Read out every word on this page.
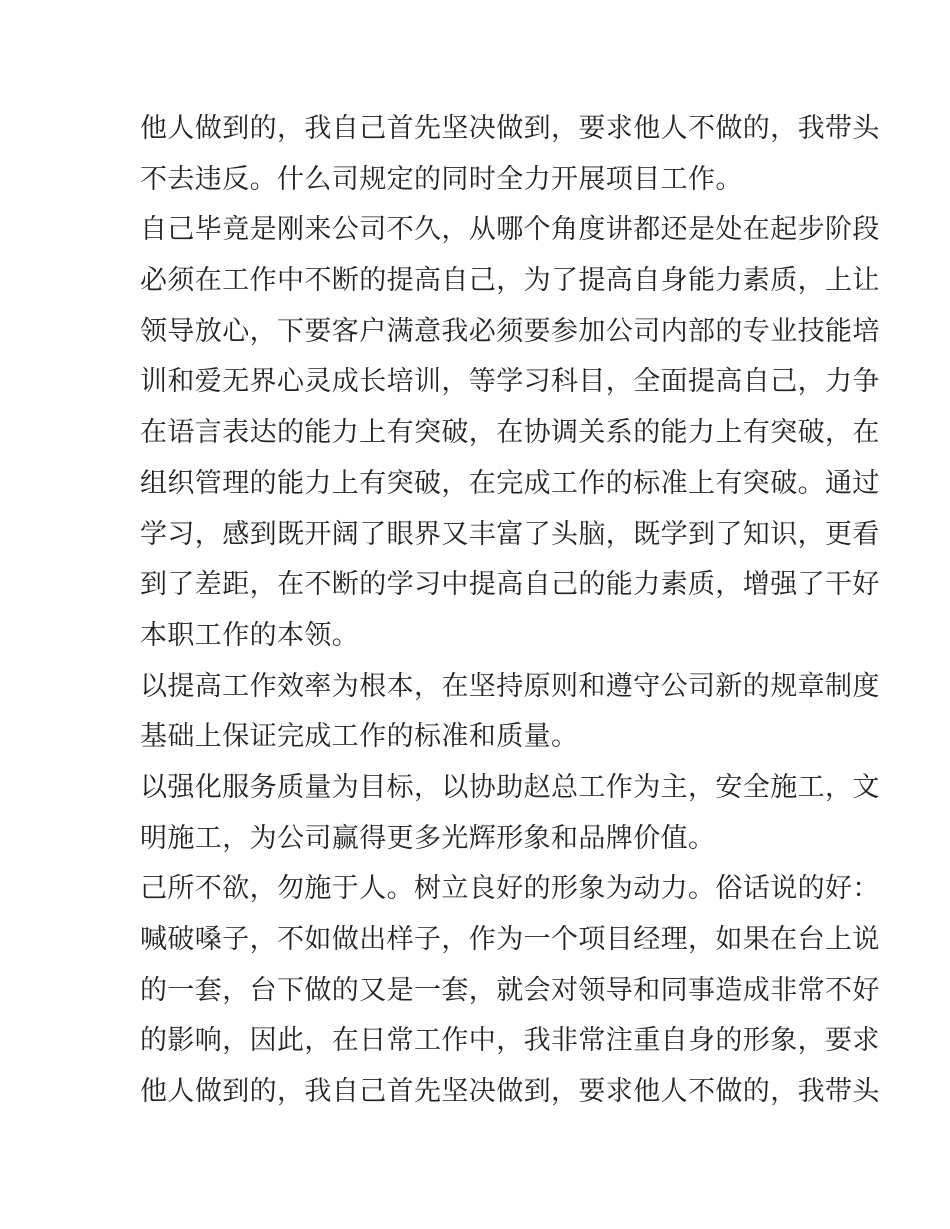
他人做到的，我自己首先坚决做到，要求他人不做的，我带头
不去违反。什么司规定的同时全力开展项目工作。
自己毕竟是刚来公司不久，从哪个角度讲都还是处在起步阶段
必须在工作中不断的提高自己，为了提高自身能力素质，上让
领导放心，下要客户满意我必须要参加公司内部的专业技能培
训和爱无界心灵成长培训，等学习科目，全面提高自己，力争
在语言表达的能力上有突破，在协调关系的能力上有突破，在
组织管理的能力上有突破，在完成工作的标准上有突破。通过
学习，感到既开阔了眼界又丰富了头脑，既学到了知识，更看
到了差距，在不断的学习中提高自己的能力素质，增强了干好
本职工作的本领。
以提高工作效率为根本，在坚持原则和遵守公司新的规章制度
基础上保证完成工作的标准和质量。
以强化服务质量为目标，以协助赵总工作为主，安全施工，文
明施工，为公司赢得更多光辉形象和品牌价值。
己所不欲，勿施于人。树立良好的形象为动力。俗话说的好：
喊破嗓子，不如做出样子，作为一个项目经理，如果在台上说
的一套，台下做的又是一套，就会对领导和同事造成非常不好
的影响，因此，在日常工作中，我非常注重自身的形象，要求
他人做到的，我自己首先坚决做到，要求他人不做的，我带头
